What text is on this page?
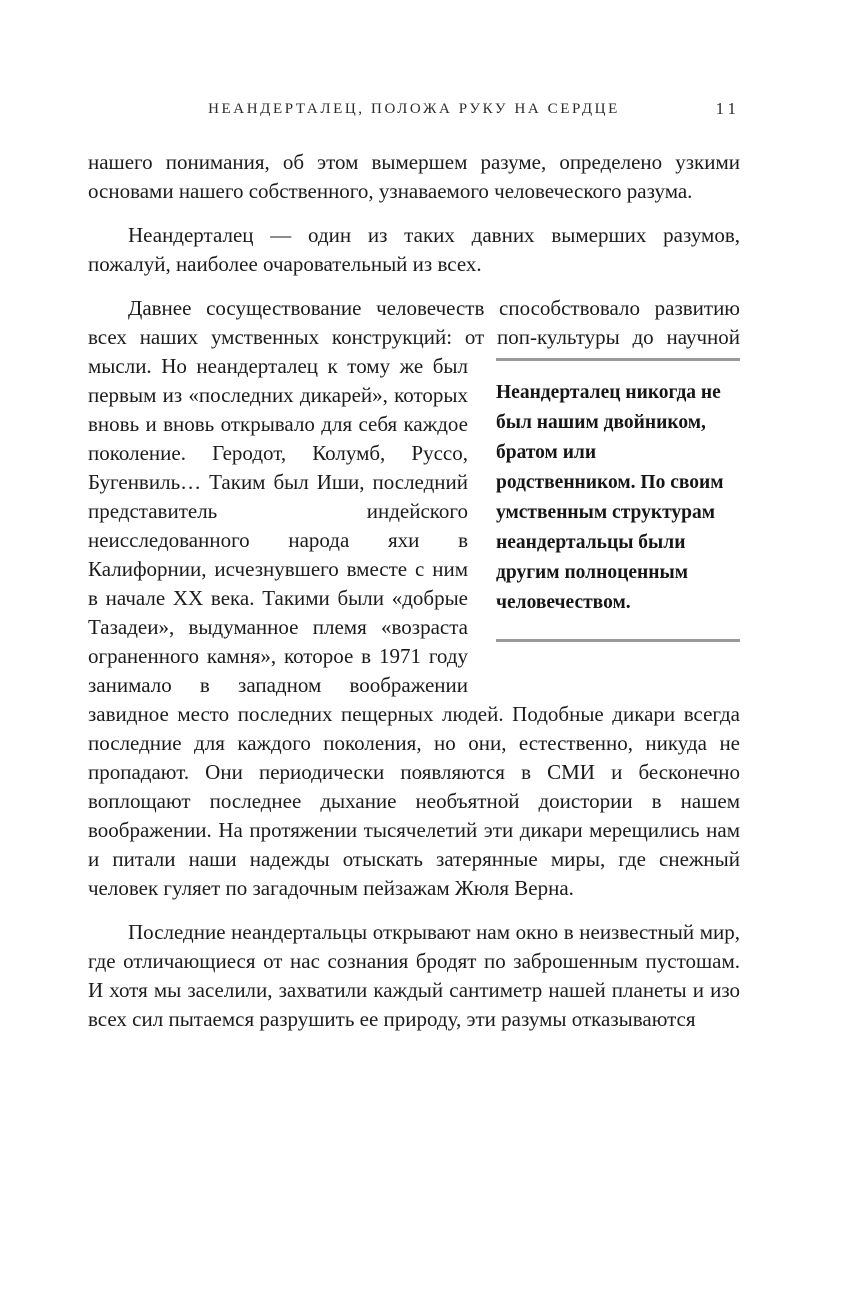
НЕАНДЕРТАЛЕЦ, ПОЛОЖА РУКУ НА СЕРДЦЕ	11

нашего понимания, об этом вымершем разуме, определено узкими основами нашего собственного, узнаваемого человеческого разума.

Неандерталец — один из таких давних вымерших разумов, пожалуй, наиболее очаровательный из всех.

Давнее сосуществование человечеств способствовало развитию всех наших умственных конструкций: от поп-культуры до научной мысли. Но неандерталец к тому
Неандерталец никогда не был нашим двойником, братом или родственником. По своим умственным структурам неандертальцы были другим полноценным человечеством.
же был первым из «последних дикарей», которых вновь и вновь открывало для себя каждое поколение. Геродот, Колумб, Руссо, Бугенвиль… Таким был Иши, последний представитель индейского неисследованного народа яхи в Калифорнии, исчезнувшего вместе с ним в начале XX века. Такими были «добрые Тазадеи», выдуманное племя «возраста ограненного камня», которое в 1971 году занимало в западном воображении завидное место последних пещерных людей. Подобные дикари всегда последние для каждого поколения, но они, естественно, никуда не пропадают. Они периодически появляются в СМИ и бесконечно воплощают последнее дыхание необъятной доистории в нашем воображении. На протяжении тысячелетий эти дикари мерещились нам и питали наши надежды отыскать затерянные миры, где снежный человек гуляет по загадочным пейзажам Жюля Верна.

Последние неандертальцы открывают нам окно в неизвестный мир, где отличающиеся от нас сознания бродят по заброшенным пустошам. И хотя мы заселили, захватили каждый сантиметр нашей планеты и изо всех сил пытаемся разрушить ее природу, эти разумы отказываются
